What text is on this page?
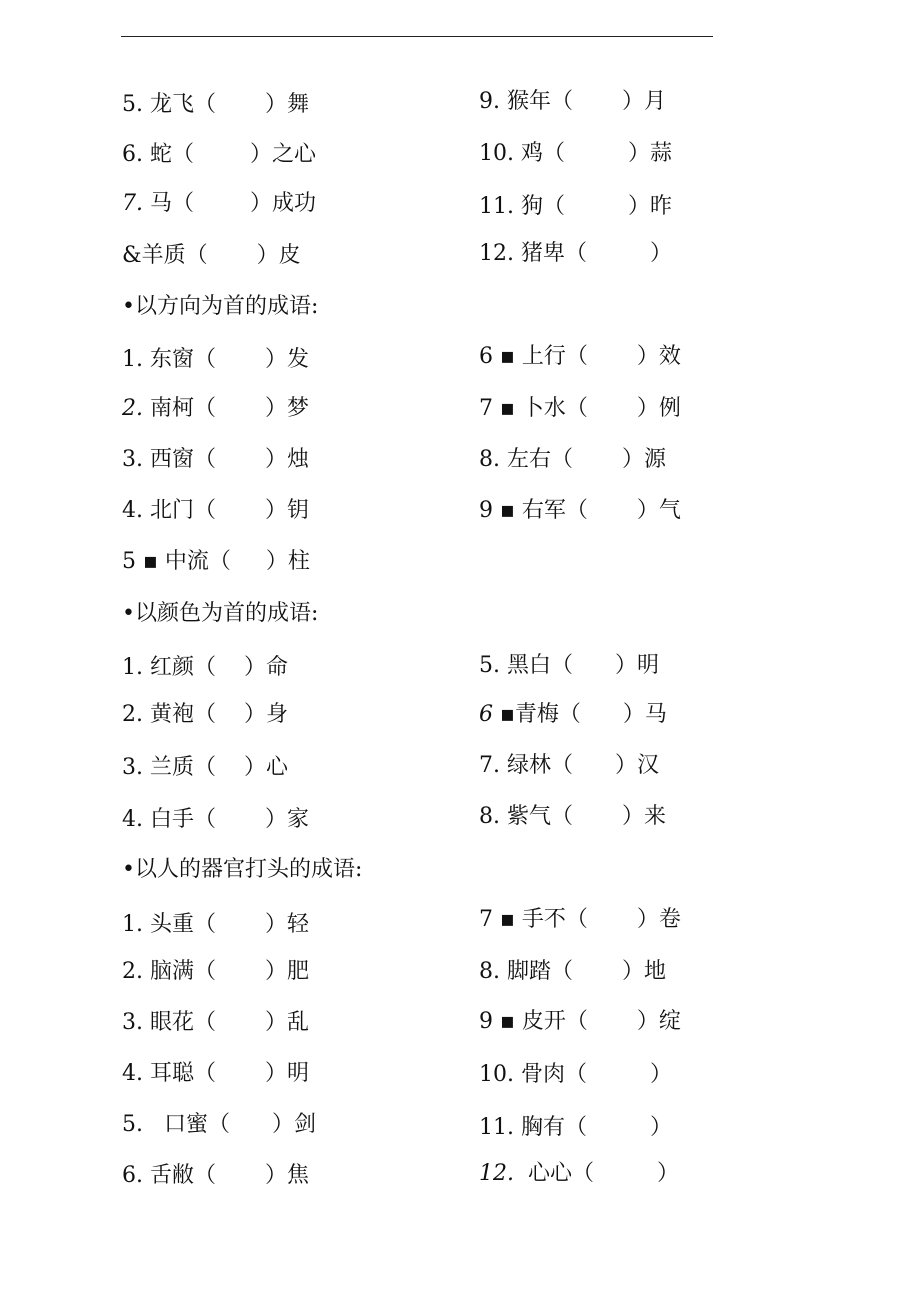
5. 龙飞（ ）舞
6. 蛇（	）之心
7. 马（	）成功
&羊质（ ）皮
9. 猴年（ ）月
10. 鸡（	）蒜
11. 狗（	）昨
12. 猪卑（	）
•以方向为首的成语:
1. 东窗（ ）发
2. 南柯（ ）梦
3. 西窗（ ）烛
4. 北门（ ）钥
5 ▪ 中流（ ）柱
6 ▪ 上行（ ）效
7 ▪ 卜水（ ）例
8. 左右（ ）源
9 ▪ 右军（ ）气
•以颜色为首的成语:
1. 红颜（ ）命
2. 黄袍（ ）身
3. 兰质（ ）心
4. 白手（ ）家
5. 黑白（ ）明
6 ▪青梅（ ）马
7. 绿林（ ）汉
8. 紫气（ ）来
•以人的器官打头的成语:
1. 头重（ ）轻
2. 脑满（ ）肥
3. 眼花（ ）乱
4. 耳聪（ ）明
5.   口蜜（ ）剑
6. 舌敝（ ）焦
7 ▪ 手不（ ）卷
8. 脚踏（ ）地
9 ▪ 皮开（ ）绽
10. 骨肉（	）
11. 胸有（	）
12.  心心（	）
